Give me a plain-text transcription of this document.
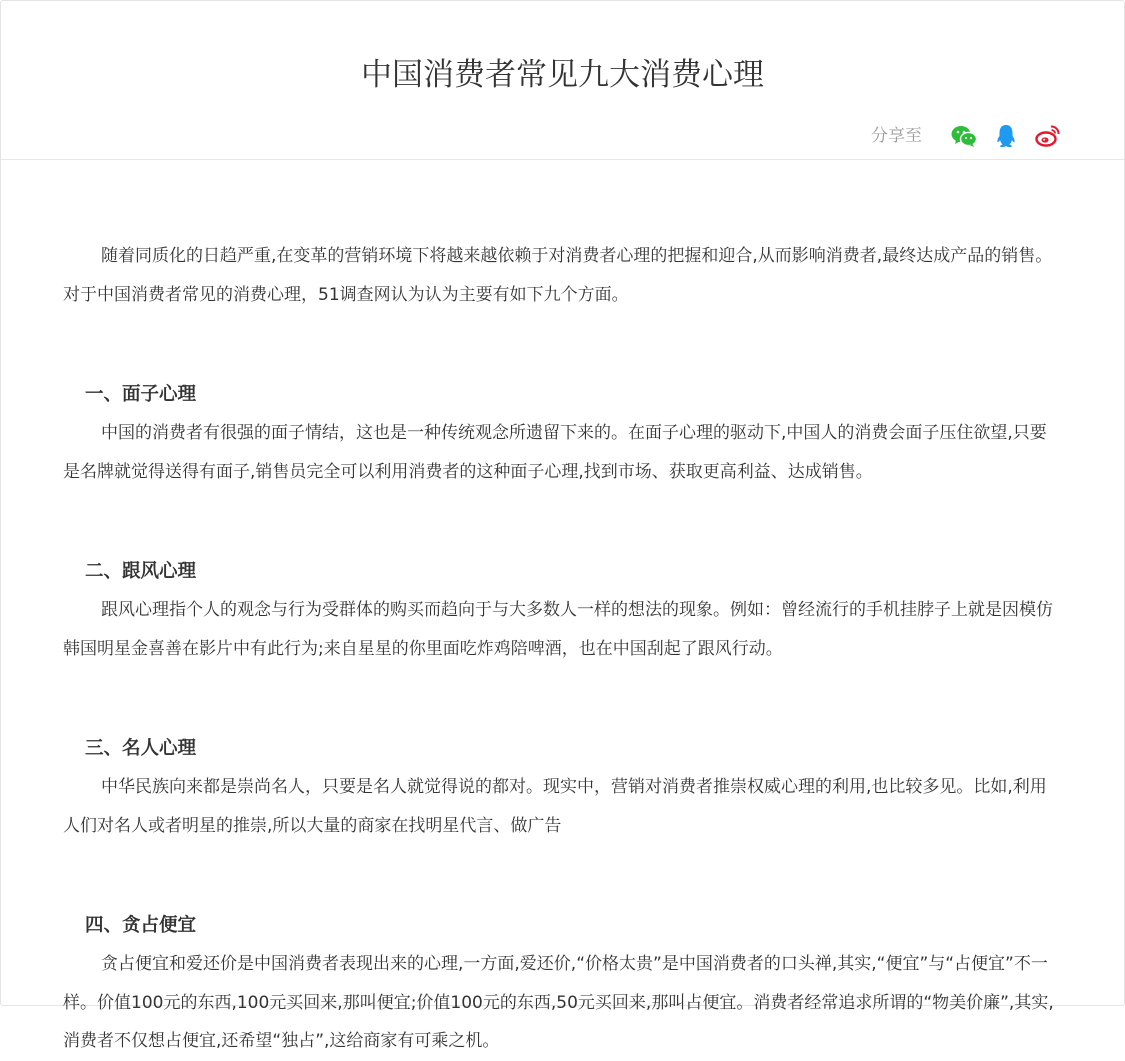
中国消费者常见九大消费心理
分享至

随着同质化的日趋严重,在变革的营销环境下将越来越依赖于对消费者心理的把握和迎合,从而影响消费者,最终达成产品的销售。对于中国消费者常见的消费心理，51调查网认为认为主要有如下九个方面。

一、面子心理

中国的消费者有很强的面子情结，这也是一种传统观念所遗留下来的。在面子心理的驱动下,中国人的消费会面子压住欲望,只要是名牌就觉得送得有面子,销售员完全可以利用消费者的这种面子心理,找到市场、获取更高利益、达成销售。

二、跟风心理

跟风心理指个人的观念与行为受群体的购买而趋向于与大多数人一样的想法的现象。例如：曾经流行的手机挂脖子上就是因模仿韩国明星金喜善在影片中有此行为;来自星星的你里面吃炸鸡陪啤酒，也在中国刮起了跟风行动。

三、名人心理

中华民族向来都是崇尚名人，只要是名人就觉得说的都对。现实中，营销对消费者推崇权威心理的利用,也比较多见。比如,利用人们对名人或者明星的推崇,所以大量的商家在找明星代言、做广告

四、贪占便宜

贪占便宜和爱还价是中国消费者表现出来的心理,一方面,爱还价,“价格太贵”是中国消费者的口头禅,其实,“便宜”与“占便宜”不一样。价值100元的东西,100元买回来,那叫便宜;价值100元的东西,50元买回来,那叫占便宜。消费者经常追求所谓的“物美价廉”,其实,消费者不仅想占便宜,还希望“独占”,这给商家有可乘之机。
